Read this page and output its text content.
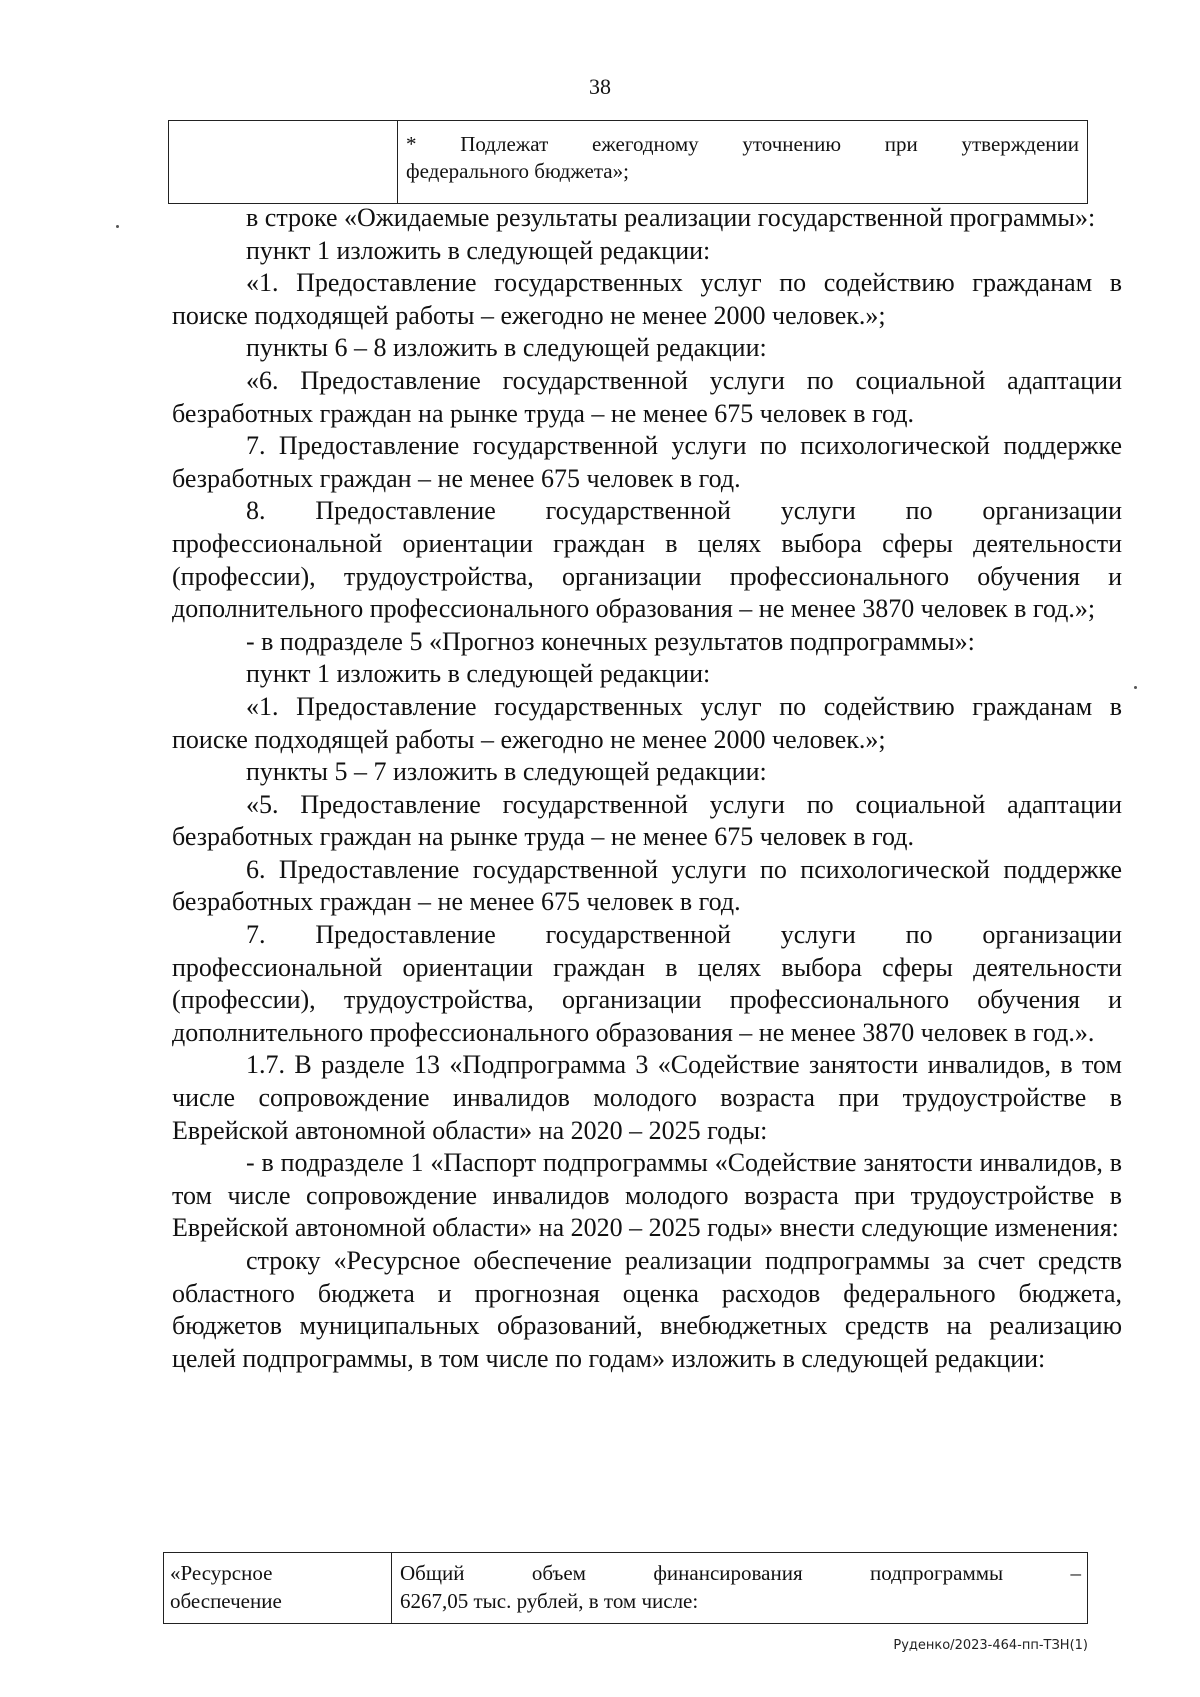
38
* Подлежат ежегодному уточнению при утверждении
федерального бюджета»;

в строке «Ожидаемые результаты реализации государственной программы»:

пункт 1 изложить в следующей редакции:

«1. Предоставление государственных услуг по содействию гражданам в поиске подходящей работы – ежегодно не менее 2000 человек.»;

пункты 6 – 8 изложить в следующей редакции:

«6. Предоставление государственной услуги по социальной адаптации безработных граждан на рынке труда – не менее 675 человек в год.

7. Предоставление государственной услуги по психологической поддержке безработных граждан – не менее 675 человек в год.

8. Предоставление государственной услуги по организации профессиональной ориентации граждан в целях выбора сферы деятельности (профессии), трудоустройства, организации профессионального обучения и дополнительного профессионального образования – не менее 3870 человек в год.»;

- в подразделе 5 «Прогноз конечных результатов подпрограммы»:

пункт 1 изложить в следующей редакции:

«1. Предоставление государственных услуг по содействию гражданам в поиске подходящей работы – ежегодно не менее 2000 человек.»;

пункты 5 – 7 изложить в следующей редакции:

«5. Предоставление государственной услуги по социальной адаптации безработных граждан на рынке труда – не менее 675 человек в год.

6. Предоставление государственной услуги по психологической поддержке безработных граждан – не менее 675 человек в год.

7. Предоставление государственной услуги по организации профессиональной ориентации граждан в целях выбора сферы деятельности (профессии), трудоустройства, организации профессионального обучения и дополнительного профессионального образования – не менее 3870 человек в год.».

1.7. В разделе 13 «Подпрограмма 3 «Содействие занятости инвалидов, в том числе сопровождение инвалидов молодого возраста при трудоустройстве в Еврейской автономной области» на 2020 – 2025 годы:

- в подразделе 1 «Паспорт подпрограммы «Содействие занятости инвалидов, в том числе сопровождение инвалидов молодого возраста при трудоустройстве в Еврейской автономной области» на 2020 – 2025 годы» внести следующие изменения:

строку «Ресурсное обеспечение реализации подпрограммы за счет средств областного бюджета и прогнозная оценка расходов федерального бюджета, бюджетов муниципальных образований, внебюджетных средств на реализацию целей подпрограммы, в том числе по годам» изложить в следующей редакции:

«Ресурсное
обеспечение
Общий объем финансирования подпрограммы –
6267,05 тыс. рублей, в том числе:
Руденко/2023-464-пп-ТЗН(1)
